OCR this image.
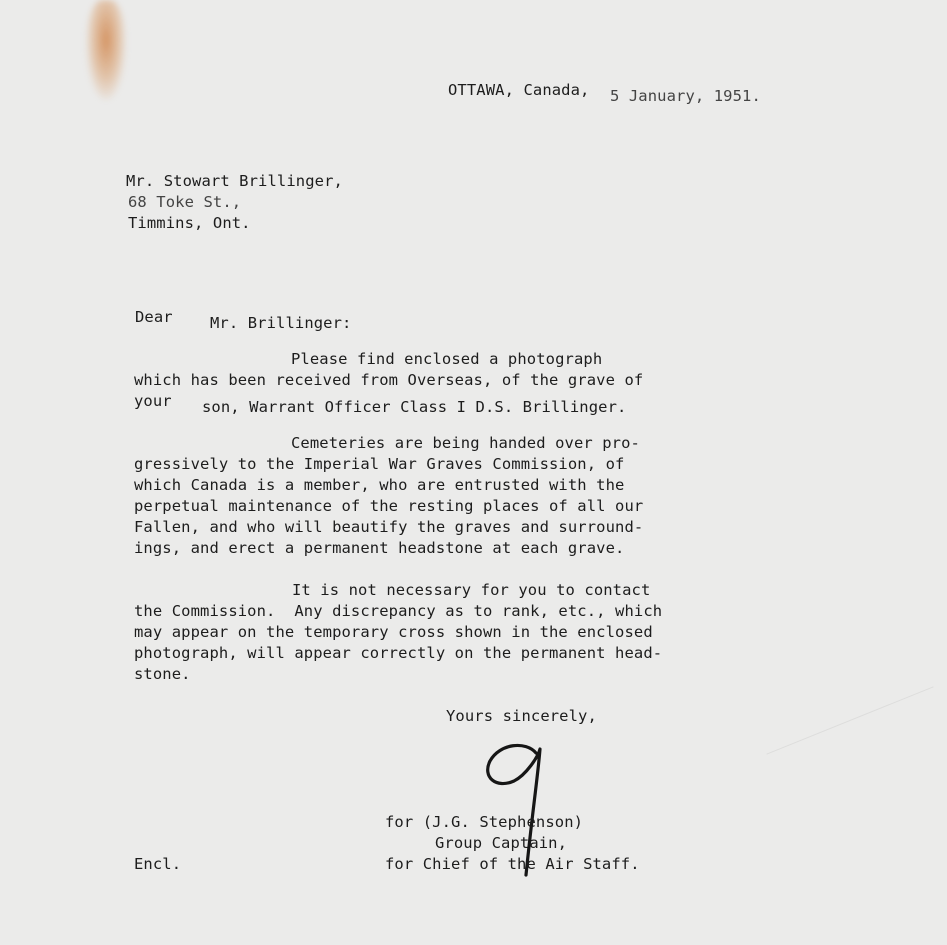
OTTAWA, Canada, 5 January, 1951.
Mr. Stowart Brillinger,
68 Toke St.,
Timmins, Ont.
Dear Mr. Brillinger:
Please find enclosed a photograph
which has been received from Overseas, of the grave of
your son, Warrant Officer Class I D.S. Brillinger.
Cemeteries are being handed over pro-
gressively to the Imperial War Graves Commission, of
which Canada is a member, who are entrusted with the
perpetual maintenance of the resting places of all our
Fallen, and who will beautify the graves and surround-
ings, and erect a permanent headstone at each grave.
It is not necessary for you to contact
the Commission.  Any discrepancy as to rank, etc., which
may appear on the temporary cross shown in the enclosed
photograph, will appear correctly on the permanent head-
stone.
Yours sincerely,
for (J.G. Stephenson)
Group Captain,
for Chief of the Air Staff.
Encl.
